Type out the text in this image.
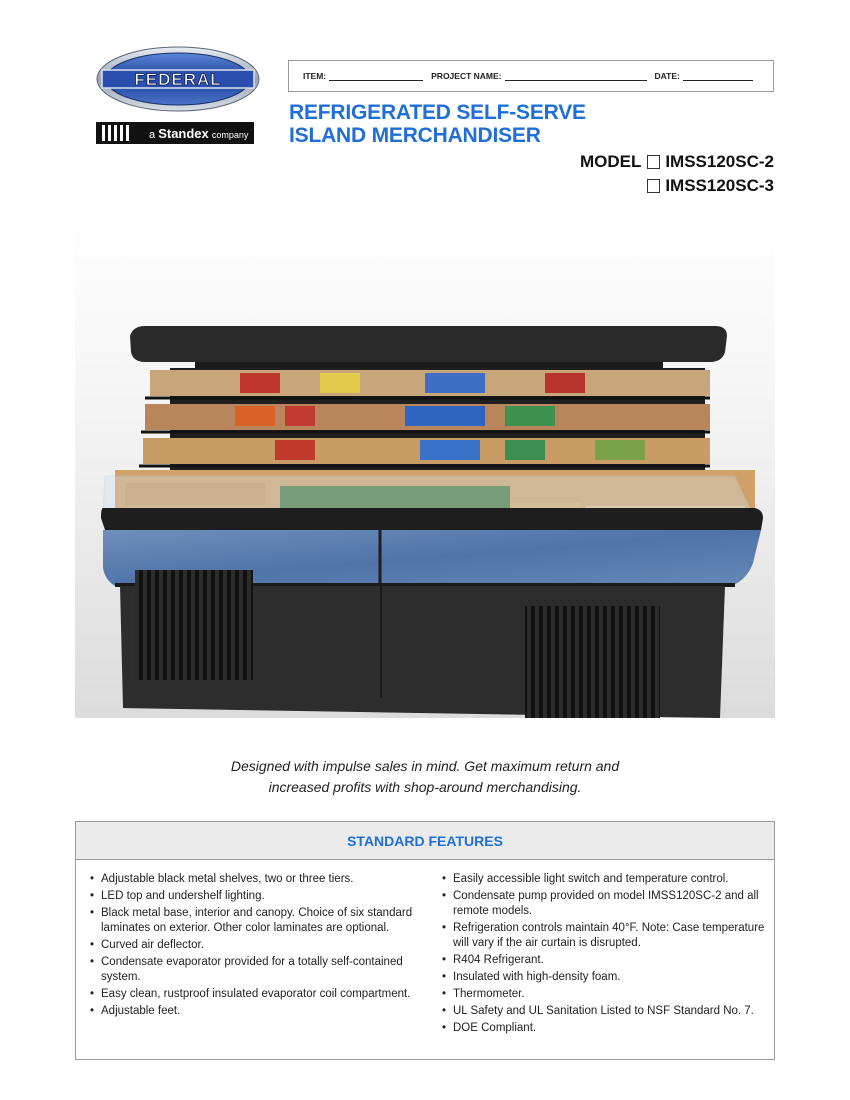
FEDERAL
a Standex company
ITEM:	PROJECT NAME:	DATE:
REFRIGERATED SELF-SERVE
ISLAND MERCHANDISER
MODEL IMSS120SC-2
IMSS120SC-3
Designed with impulse sales in mind. Get maximum return and
increased profits with shop-around merchandising.
STANDARD FEATURES
• Adjustable black metal shelves, two or three tiers.
• LED top and undershelf lighting.
• Black metal base, interior and canopy. Choice of six standard laminates on exterior. Other color laminates are optional.
• Curved air deflector.
• Condensate evaporator provided for a totally self-contained system.
• Easy clean, rustproof insulated evaporator coil compartment.
• Adjustable feet.
• Easily accessible light switch and temperature control.
• Condensate pump provided on model IMSS120SC-2 and all remote models.
• Refrigeration controls maintain 40°F. Note: Case temperature will vary if the air curtain is disrupted.
• R404 Refrigerant.
• Insulated with high-density foam.
• Thermometer.
• UL Safety and UL Sanitation Listed to NSF Standard No. 7.
• DOE Compliant.
